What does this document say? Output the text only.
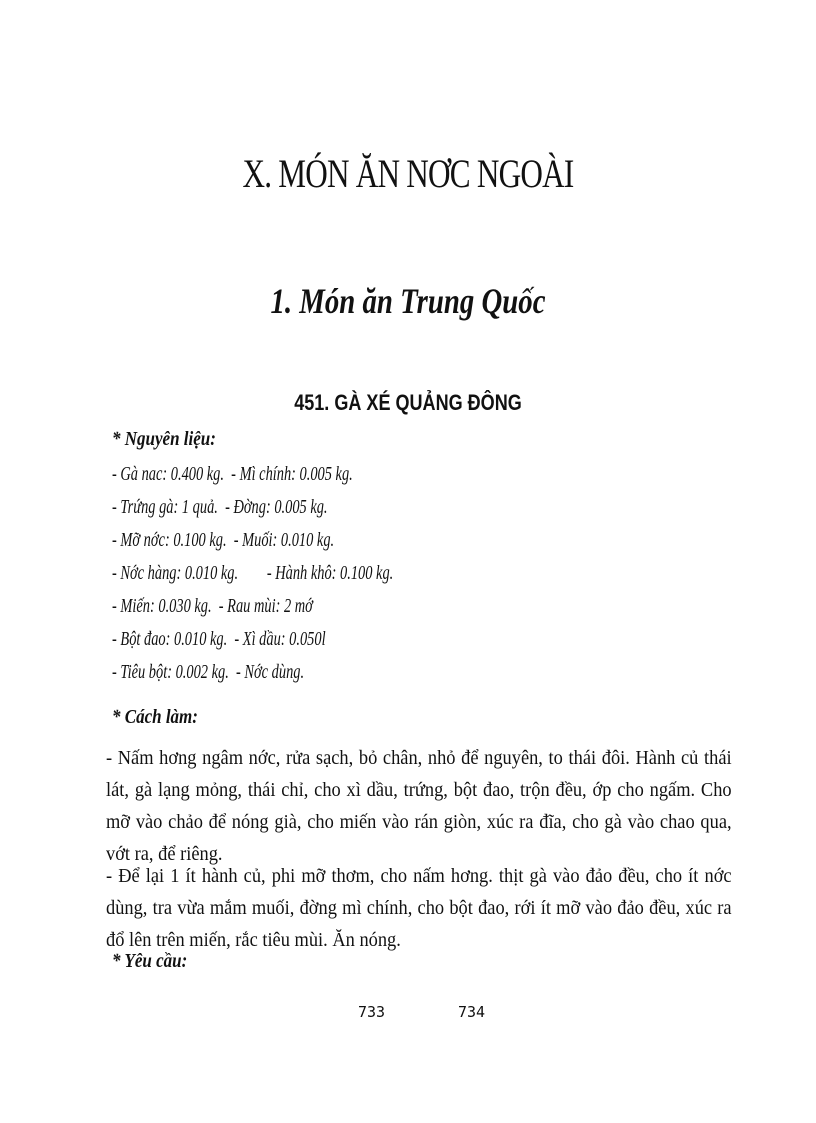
X. MÓN ĂN NƠC NGOÀI
1. Món ăn Trung Quốc
451. GÀ XÉ QUẢNG ĐÔNG
* Nguyên liệu:
- Gà nac: 0.400 kg. - Mì chính: 0.005 kg.
- Trứng gà: 1 quả. - Đờng: 0.005 kg.
- Mỡ nớc: 0.100 kg. - Muối: 0.010 kg.
- Nớc hàng: 0.010 kg. - Hành khô: 0.100 kg.
- Miến: 0.030 kg. - Rau mùi: 2 mớ
- Bột đao: 0.010 kg. - Xì dầu: 0.050l
- Tiêu bột: 0.002 kg. - Nớc dùng.
* Cách làm:

- Nấm hơng ngâm nớc, rửa sạch, bỏ chân, nhỏ để nguyên, to thái đôi. Hành củ thái lát, gà lạng mỏng, thái chỉ, cho xì dầu, trứng, bột đao, trộn đều, ớp cho ngấm. Cho mỡ vào chảo để nóng già, cho miến vào rán giòn, xúc ra đĩa, cho gà vào chao qua, vớt ra, để riêng.

- Để lại 1 ít hành củ, phi mỡ thơm, cho nấm hơng. thịt gà vào đảo đều, cho ít nớc dùng, tra vừa mắm muối, đờng mì chính, cho bột đao, rới ít mỡ vào đảo đều, xúc ra đổ lên trên miến, rắc tiêu mùi. Ăn nóng.

* Yêu cầu:
733	734
